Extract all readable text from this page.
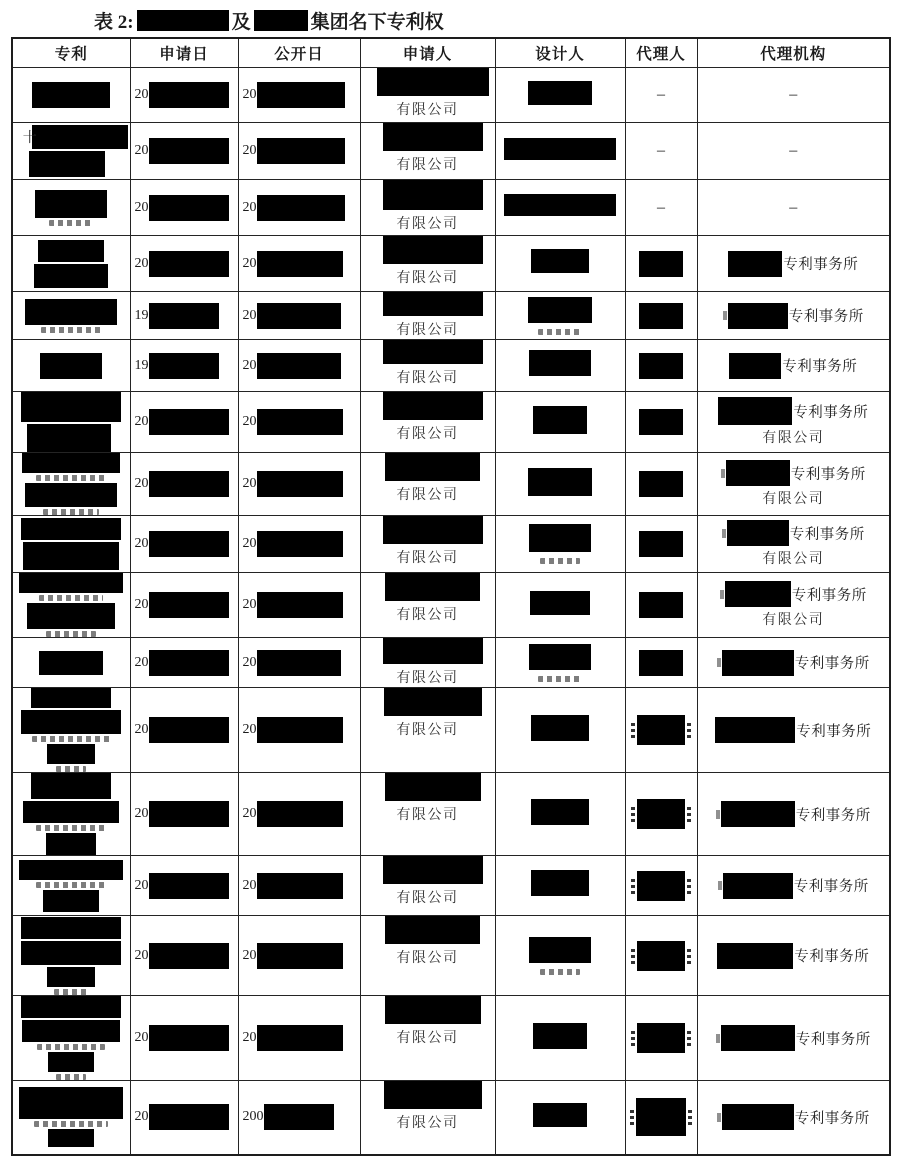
表 2:	及	集团名下专利权
专利	申请日	公开日	申请人	设计人	代理人	代理机构

	20	20	有限公司		–	–

十	20	20	有限公司		–	–

	20	20	有限公司		–	–

	20	20	有限公司			专利事务所

	19	20	有限公司			专利事务所

	19	20	有限公司			专利事务所

	20	20	有限公司			专利事务所
有限公司

	20	20	有限公司			专利事务所
有限公司

	20	20	有限公司			专利事务所
有限公司

	20	20	有限公司			专利事务所
有限公司

	20	20	有限公司			专利事务所

	20	20	有限公司			专利事务所

	20	20	有限公司			专利事务所

	20	20	有限公司			专利事务所

	20	20	有限公司			专利事务所

	20	20	有限公司			专利事务所

	20	200	有限公司			专利事务所
